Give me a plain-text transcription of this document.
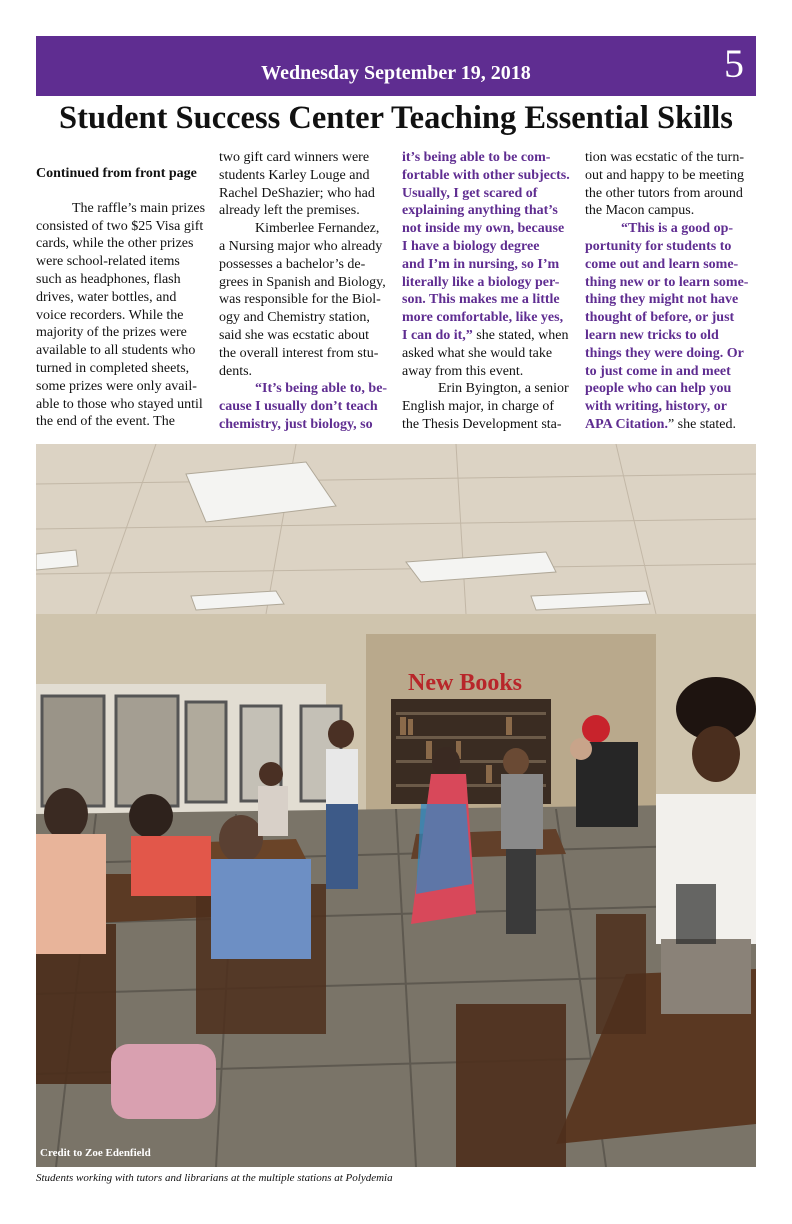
Wednesday September 19, 2018	5
Student Success Center Teaching Essential Skills

Continued from front page

The raffle’s main prizes

consisted of two $25 Visa gift

cards, while the other prizes

were school-related items

such as headphones, flash

drives, water bottles, and

voice recorders. While the

majority of the prizes were

available to all students who

turned in completed sheets,

some prizes were only avail-

able to those who stayed until

the end of the event. The

two gift card winners were

students Karley Louge and

Rachel DeShazier; who had

already left the premises.

Kimberlee Fernandez,

a Nursing major who already

possesses a bachelor’s de-

grees in Spanish and Biology,

was responsible for the Biol-

ogy and Chemistry station,

said she was ecstatic about

the overall interest from stu-

dents.

“It’s being able to, be-

cause I usually don’t teach

chemistry, just biology, so

it’s being able to be com-

fortable with other subjects.

Usually, I get scared of

explaining anything that’s

not inside my own, because

I have a biology degree

and I’m in nursing, so I’m

literally like a biology per-

son. This makes me a little

more comfortable, like yes,

I can do it,” she stated, when

asked what she would take

away from this event.

Erin Byington, a senior

English major, in charge of

the Thesis Development sta-

tion was ecstatic of the turn-

out and happy to be meeting

the other tutors from around

the Macon campus.

“This is a good op-

portunity for students to

come out and learn some-

thing new or to learn some-

thing they might not have

thought of before, or just

learn new tricks to old

things they were doing. Or

to just come in and meet

people who can help you

with writing, history, or

APA Citation.” she stated.

New Books
Credit to Zoe Edenfield
Students working with tutors and librarians at the multiple stations at Polydemia
